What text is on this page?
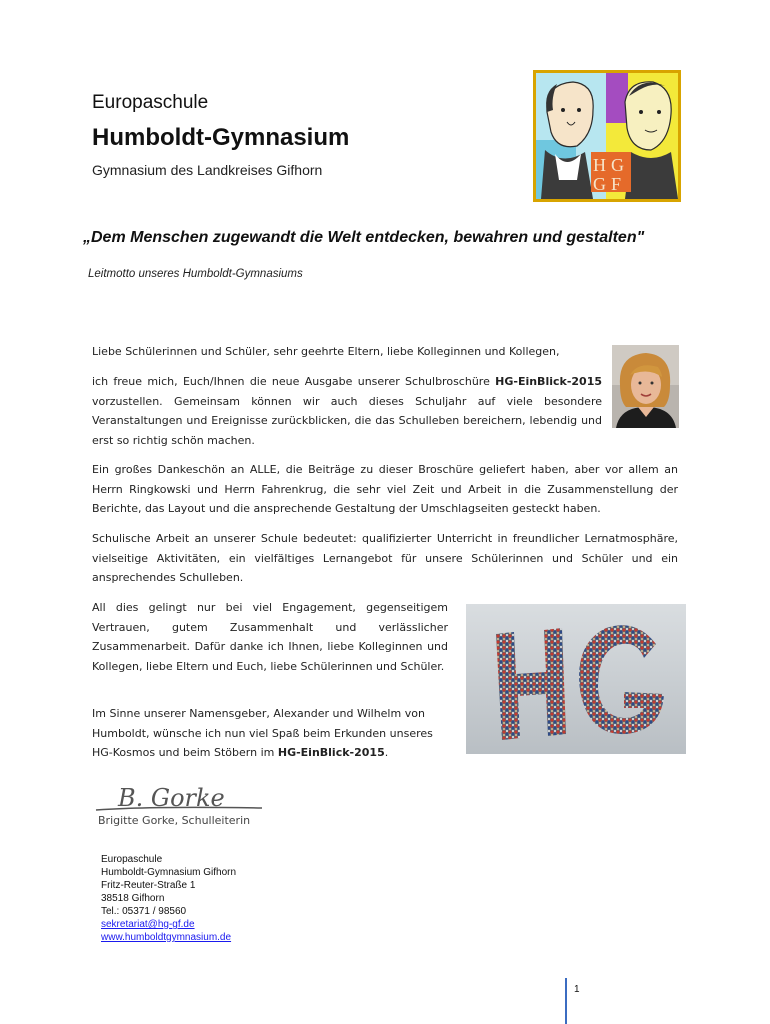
Europaschule
Humboldt-Gymnasium
Gymnasium des Landkreises Gifhorn	H G
G F
„Dem Menschen zugewandt die Welt entdecken, bewahren und gestalten"
Leitmotto unseres Humboldt-Gymnasiums
Liebe Schülerinnen und Schüler, sehr geehrte Eltern, liebe Kolleginnen und Kollegen,
ich freue mich, Euch/Ihnen die neue Ausgabe unserer Schulbroschüre HG-EinBlick-2015 vorzustellen. Gemeinsam können wir auch dieses Schuljahr auf viele besondere Veranstaltungen und Ereignisse zurückblicken, die das Schulleben bereichern, lebendig und erst so richtig schön machen.
Ein großes Dankeschön an ALLE, die Beiträge zu dieser Broschüre geliefert haben, aber vor allem an Herrn Ringkowski und Herrn Fahrenkrug, die sehr viel Zeit und Arbeit in die Zusammenstellung der Berichte, das Layout und die ansprechende Gestaltung der Umschlagseiten gesteckt haben.
Schulische Arbeit an unserer Schule bedeutet: qualifizierter Unterricht in freundlicher Lernatmosphäre, vielseitige Aktivitäten, ein vielfältiges Lernangebot für unsere Schülerinnen und Schüler und ein ansprechendes Schulleben.
All dies gelingt nur bei viel Engagement, gegenseitigem Vertrauen, gutem Zusammenhalt und verlässlicher Zusammenarbeit. Dafür danke ich Ihnen, liebe Kolleginnen und Kollegen, liebe Eltern und Euch, liebe Schülerinnen und Schüler.
Im Sinne unserer Namensgeber, Alexander und Wilhelm von Humboldt, wünsche ich nun viel Spaß beim Erkunden unseres HG-Kosmos und beim Stöbern im HG-EinBlick-2015.
B. Gorke
Brigitte Gorke, Schulleiterin
Europaschule
Humboldt-Gymnasium Gifhorn
Fritz-Reuter-Straße 1
38518 Gifhorn
Tel.: 05371 / 98560
sekretariat@hg-gf.de
www.humboldtgymnasium.de
1
